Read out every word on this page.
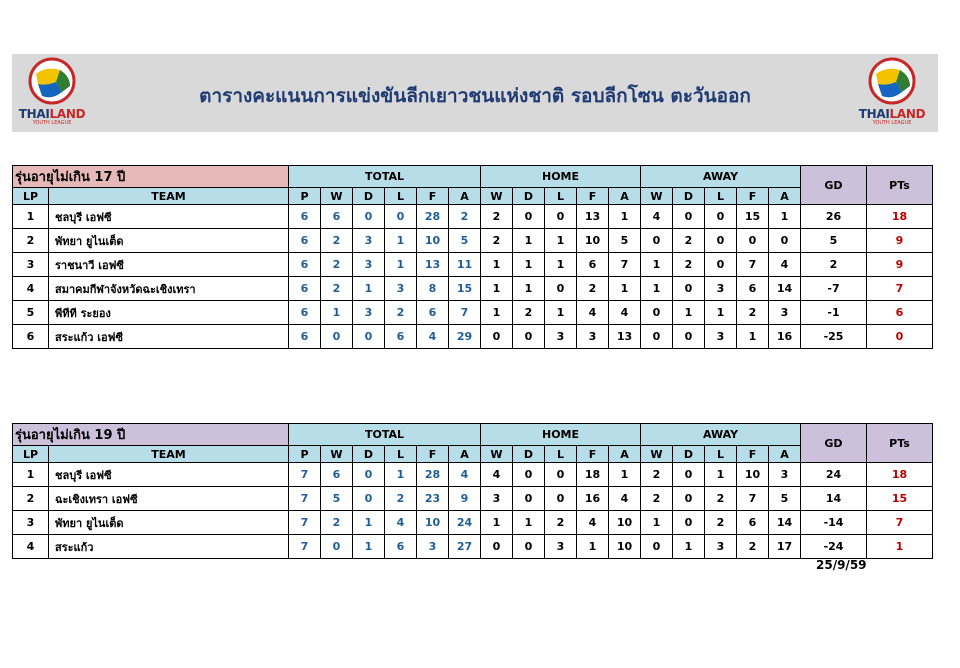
THAILAND
YOUTH LEAGUE
ตารางคะแนนการแข่งขันลีกเยาวชนแห่งชาติ รอบลีกโซน ตะวันออก
THAILAND
YOUTH LEAGUE
รุ่นอายุไม่เกิน 17 ปี		TOTAL						HOME					AWAY					GD	PTs
LP	TEAM	P	W	D	L	F	A	W	D	L	F	A	W	D	L	F	A		
1	ชลบุรี เอฟซี	6	6	0	0	28	2	2	0	0	13	1	4	0	0	15	1	26	18
2	พัทยา ยูไนเต็ด	6	2	3	1	10	5	2	1	1	10	5	0	2	0	0	0	5	9
3	ราชนาวี เอฟซี	6	2	3	1	13	11	1	1	1	6	7	1	2	0	7	4	2	9
4	สมาคมกีฬาจังหวัดฉะเชิงเทรา	6	2	1	3	8	15	1	1	0	2	1	1	0	3	6	14	-7	7
5	พีทีที ระยอง	6	1	3	2	6	7	1	2	1	4	4	0	1	1	2	3	-1	6
6	สระแก้ว เอฟซี	6	0	0	6	4	29	0	0	3	3	13	0	0	3	1	16	-25	0
รุ่นอายุไม่เกิน 19 ปี		TOTAL						HOME					AWAY					GD	PTs
LP	TEAM	P	W	D	L	F	A	W	D	L	F	A	W	D	L	F	A		
1	ชลบุรี เอฟซี	7	6	0	1	28	4	4	0	0	18	1	2	0	1	10	3	24	18
2	ฉะเชิงเทรา เอฟซี	7	5	0	2	23	9	3	0	0	16	4	2	0	2	7	5	14	15
3	พัทยา ยูไนเต็ด	7	2	1	4	10	24	1	1	2	4	10	1	0	2	6	14	-14	7
4	สระแก้ว	7	0	1	6	3	27	0	0	3	1	10	0	1	3	2	17	-24	1
25/9/59
